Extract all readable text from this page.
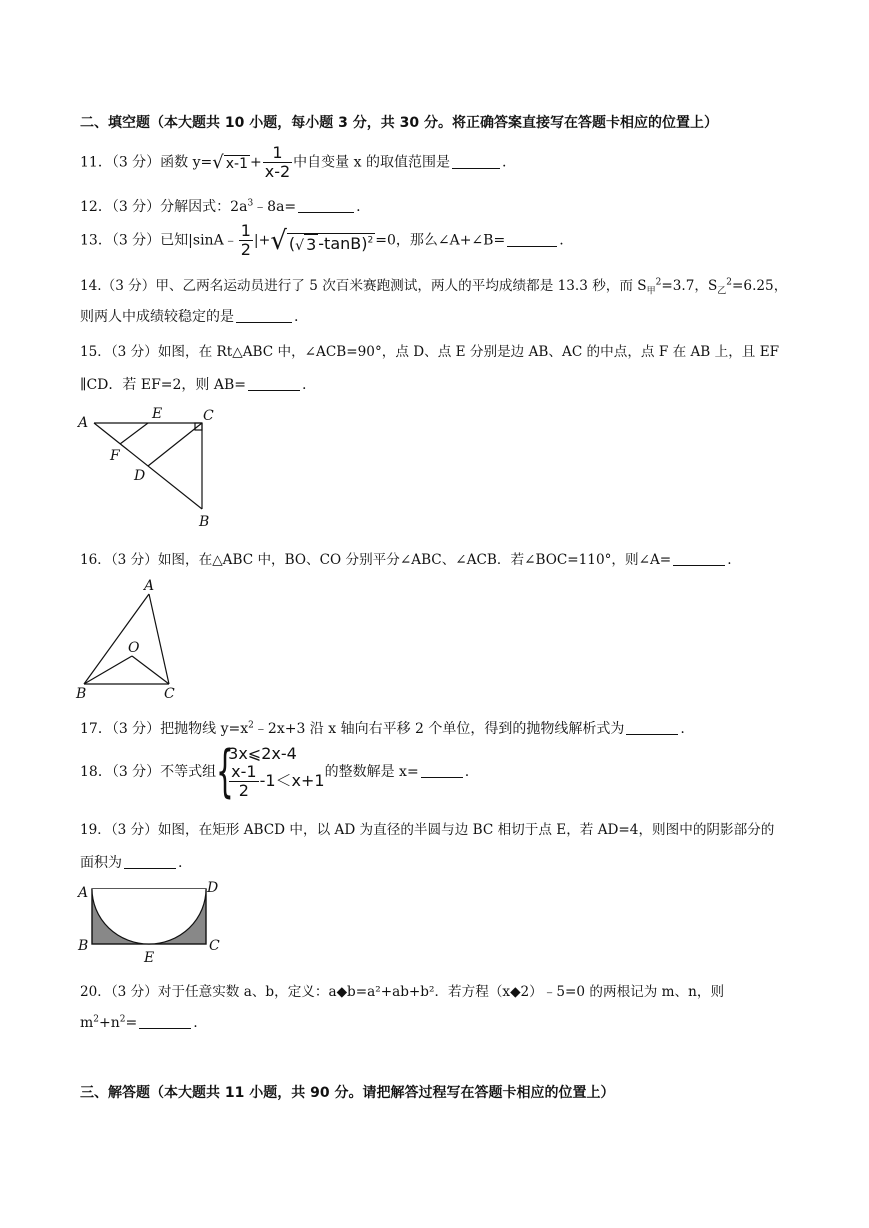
二、填空题（本大题共 10 小题，每小题 3 分，共 30 分。将正确答案直接写在答题卡相应的位置上）
11．（3 分）函数 y=√ $x-1 + \frac{1}{x-2}$ 中自变量 x 的取值范围是	.
12．（3 分）分解因式：$2a^3﹣8a=$	.
13．（3 分）已知|sinA﹣ $\frac{1}{2}$ |+√ (√ 3 -tanB)$^2$ =0，那么∠A+∠B=	.
14.（3 分）甲、乙两名运动员进行了 5 次百米赛跑测试，两人的平均成绩都是 13.3 秒，而 $S_甲^2=3.7$，$S_乙^2=6.25$，
则两人中成绩较稳定的是	.
15．（3 分）如图，在 Rt△ABC 中，∠ACB=90°，点 D、点 E 分别是边 AB、AC 的中点，点 F 在 AB 上，且 EF
∥CD．若 EF=2，则 AB=	.
A
E	C
F
D
B
16．（3 分）如图，在△ABC 中，BO、CO 分别平分∠ABC、∠ACB．若∠BOC=110°，则∠A=	.
A
O
B	C
17．（3 分）把抛物线 $y=x^2﹣2x+3$ 沿 x 轴向右平移 2 个单位，得到的抛物线解析式为	.
18．（3 分）不等式组 {
3x⩽2x-4
$\frac{x-1}{2} -1<x+1$ 的整数解是 x=	.
19．（3 分）如图，在矩形 ABCD 中，以 AD 为直径的半圆与边 BC 相切于点 E，若 AD=4，则图中的阴影部分的
面积为	.
A	D
B	C
E
20．（3 分）对于任意实数 a、b，定义：a◆b=a²+ab+b²．若方程（x◆2）﹣5=0 的两根记为 m、n，则
$m^2+n^2=$	.
三、解答题（本大题共 11 小题，共 90 分。请把解答过程写在答题卡相应的位置上）
